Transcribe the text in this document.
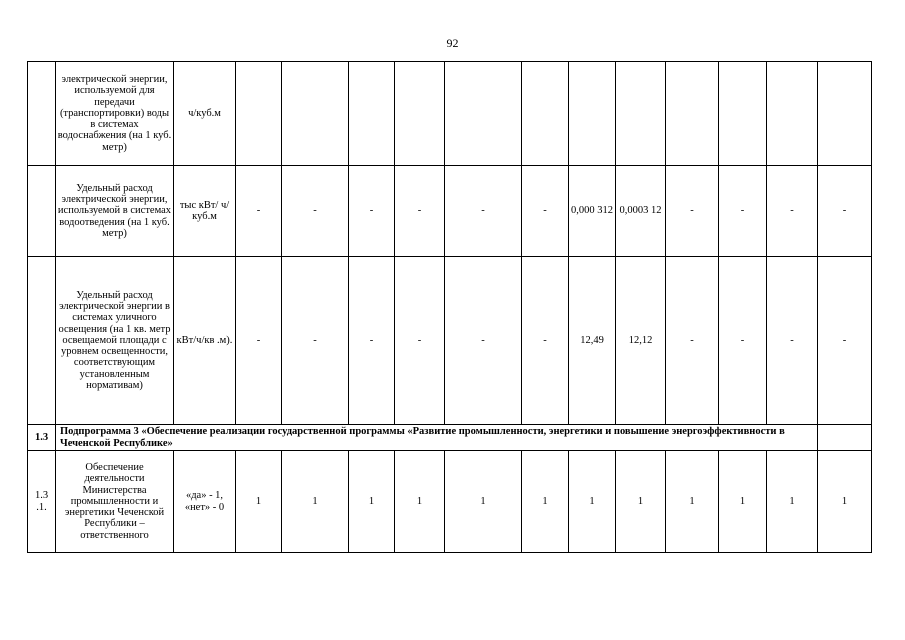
92
	электрической энергии, используемой для передачи (транспортировки) воды в системах водоснабжения (на 1 куб. метр)	ч/куб.м												
	Удельный расход электрической энергии, используемой в системах водоотведения (на 1 куб. метр)	тыс кВт/ ч/куб.м	-	-	-	-	-	-	0,000 312	0,0003 12	-	-	-	-
	Удельный расход электрической энергии в системах уличного освещения (на 1 кв. метр освещаемой площади с уровнем освещенности, соответствующим установленным нормативам)	кВт/ч/кв .м).	-	-	-	-	-	-	12,49	12,12	-	-	-	-
1.3	Подпрограмма 3 «Обеспечение реализации государственной программы «Развитие промышленности, энергетики и повышение энергоэффективности в Чеченской Республике»													
1.3 .1.	Обеспечение деятельности Министерства промышленности и энергетики Чеченской Республики – ответственного	«да» - 1, «нет» - 0	1	1	1	1	1	1	1	1	1	1	1	1
